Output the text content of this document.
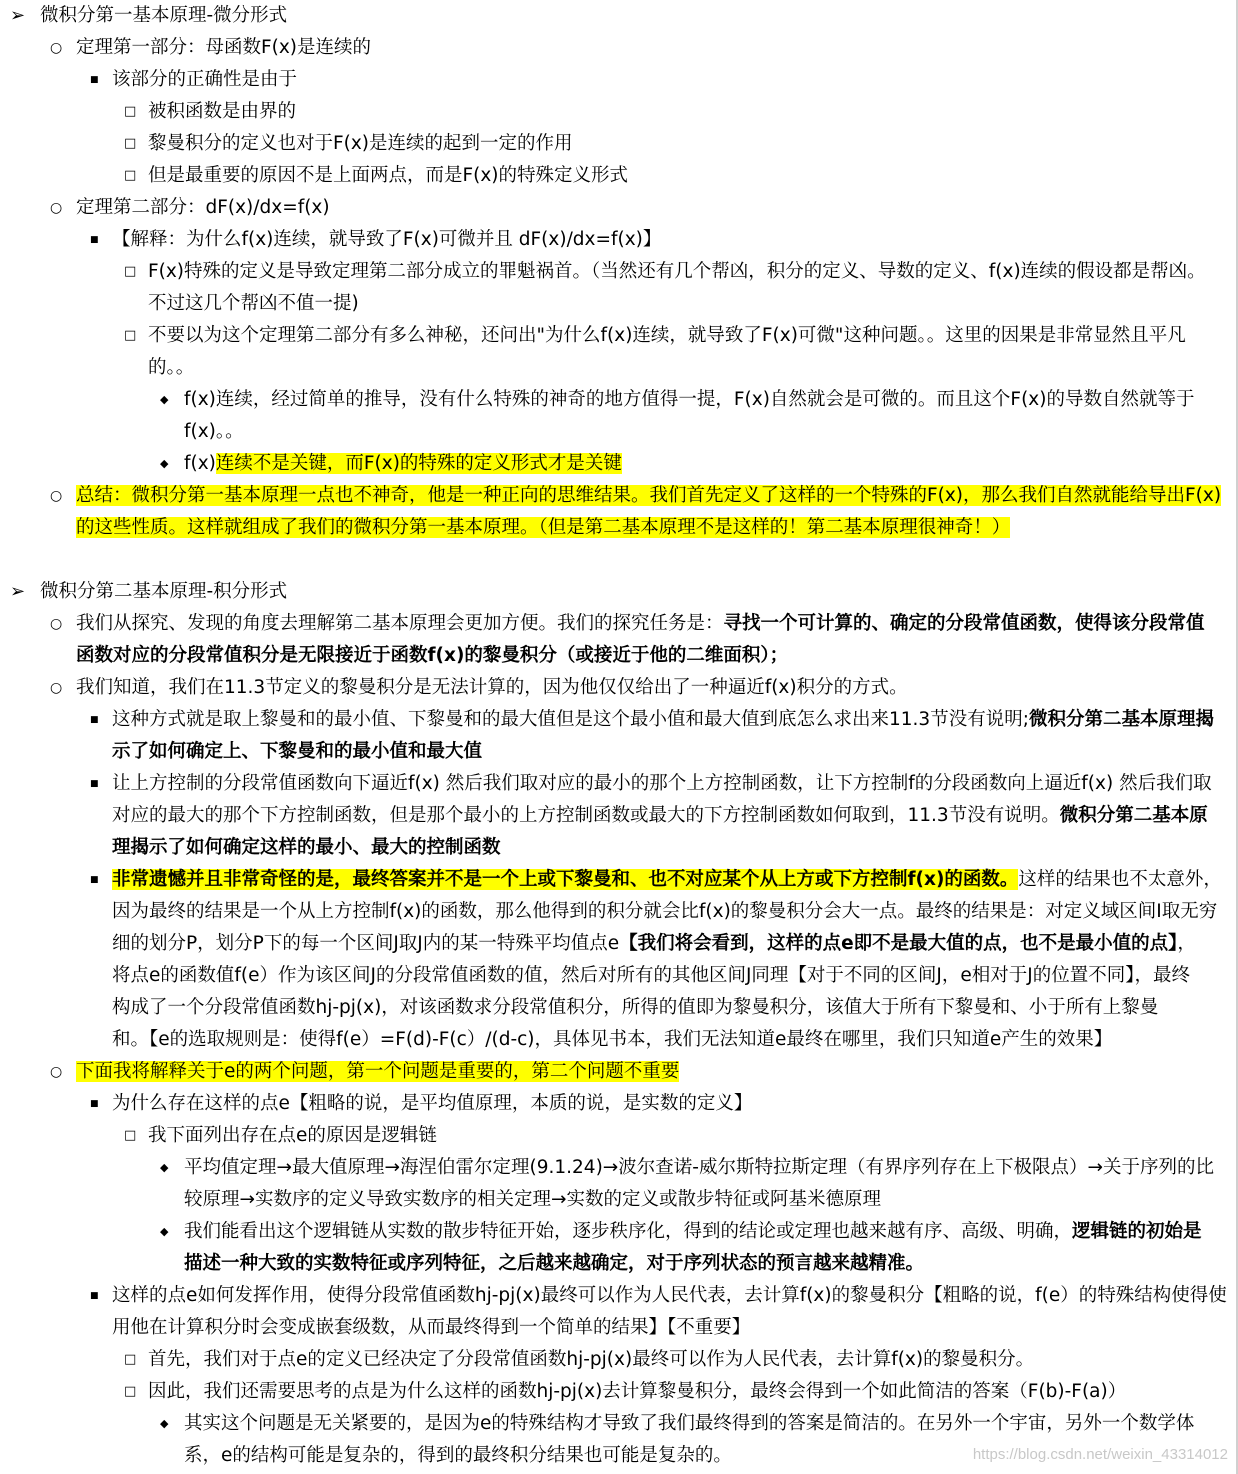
➢ 微积分第一基本原理-微分形式
○ 定理第一部分：母函数F(x)是连续的
■ 该部分的正确性是由于
□ 被积函数是由界的
□ 黎曼积分的定义也对于F(x)是连续的起到一定的作用
□ 但是最重要的原因不是上面两点，而是F(x)的特殊定义形式
○ 定理第二部分：dF(x)/dx=f(x)
■ 【解释：为什么f(x)连续，就导致了F(x)可微并且 dF(x)/dx=f(x)】
□ F(x)特殊的定义是导致定理第二部分成立的罪魁祸首。（当然还有几个帮凶，积分的定义、导数的定义、f(x)连续的假设都是帮凶。
不过这几个帮凶不值一提)
□ 不要以为这个定理第二部分有多么神秘，还问出"为什么f(x)连续，就导致了F(x)可微"这种问题。。这里的因果是非常显然且平凡
的。。
◆ f(x)连续，经过简单的推导，没有什么特殊的神奇的地方值得一提，F(x)自然就会是可微的。而且这个F(x)的导数自然就等于
f(x)。。
◆ f(x)连续不是关键，而F(x)的特殊的定义形式才是关键
○ 总结：微积分第一基本原理一点也不神奇，他是一种正向的思维结果。我们首先定义了这样的一个特殊的F(x)，那么我们自然就能给导出F(x)
的这些性质。这样就组成了我们的微积分第一基本原理。（但是第二基本原理不是这样的！第二基本原理很神奇！）
➢ 微积分第二基本原理-积分形式
○ 我们从探究、发现的角度去理解第二基本原理会更加方便。我们的探究任务是：寻找一个可计算的、确定的分段常值函数，使得该分段常值
函数对应的分段常值积分是无限接近于函数f(x)的黎曼积分（或接近于他的二维面积）；
○ 我们知道，我们在11.3节定义的黎曼积分是无法计算的，因为他仅仅给出了一种逼近f(x)积分的方式。
■ 这种方式就是取上黎曼和的最小值、下黎曼和的最大值但是这个最小值和最大值到底怎么求出来11.3节没有说明;微积分第二基本原理揭
示了如何确定上、下黎曼和的最小值和最大值
■ 让上方控制的分段常值函数向下逼近f(x) 然后我们取对应的最小的那个上方控制函数，让下方控制f的分段函数向上逼近f(x) 然后我们取
对应的最大的那个下方控制函数，但是那个最小的上方控制函数或最大的下方控制函数如何取到，11.3节没有说明。微积分第二基本原
理揭示了如何确定这样的最小、最大的控制函数
■ 非常遗憾并且非常奇怪的是，最终答案并不是一个上或下黎曼和、也不对应某个从上方或下方控制f(x)的函数。这样的结果也不太意外，
因为最终的结果是一个从上方控制f(x)的函数，那么他得到的积分就会比f(x)的黎曼积分会大一点。最终的结果是：对定义域区间I取无穷
细的划分P，划分P下的每一个区间J取J内的某一特殊平均值点e【我们将会看到，这样的点e即不是最大值的点，也不是最小值的点】，
将点e的函数值f(e）作为该区间J的分段常值函数的值，然后对所有的其他区间J同理【对于不同的区间J，e相对于J的位置不同】，最终
构成了一个分段常值函数hj-pj(x)，对该函数求分段常值积分，所得的值即为黎曼积分，该值大于所有下黎曼和、小于所有上黎曼
和。【e的选取规则是：使得f(e）=F(d)-F(c）/(d-c)，具体见书本，我们无法知道e最终在哪里，我们只知道e产生的效果】
○ 下面我将解释关于e的两个问题，第一个问题是重要的，第二个问题不重要
■ 为什么存在这样的点e【粗略的说，是平均值原理，本质的说，是实数的定义】
□ 我下面列出存在点e的原因是逻辑链
◆ 平均值定理→最大值原理→海涅伯雷尔定理(9.1.24)→波尔查诺-威尔斯特拉斯定理（有界序列存在上下极限点）→关于序列的比
较原理→实数序的定义导致实数序的相关定理→实数的定义或散步特征或阿基米德原理
◆ 我们能看出这个逻辑链从实数的散步特征开始，逐步秩序化，得到的结论或定理也越来越有序、高级、明确，逻辑链的初始是
描述一种大致的实数特征或序列特征，之后越来越确定，对于序列状态的预言越来越精准。
■ 这样的点e如何发挥作用，使得分段常值函数hj-pj(x)最终可以作为人民代表，去计算f(x)的黎曼积分【粗略的说，f(e）的特殊结构使得使
用他在计算积分时会变成嵌套级数，从而最终得到一个简单的结果】【不重要】
□ 首先，我们对于点e的定义已经决定了分段常值函数hj-pj(x)最终可以作为人民代表，去计算f(x)的黎曼积分。
□ 因此，我们还需要思考的点是为什么这样的函数hj-pj(x)去计算黎曼积分，最终会得到一个如此简洁的答案（F(b)-F(a)）
◆ 其实这个问题是无关紧要的，是因为e的特殊结构才导致了我们最终得到的答案是简洁的。在另外一个宇宙，另外一个数学体
系，e的结构可能是复杂的，得到的最终积分结果也可能是复杂的。	https://blog.csdn.net/weixin_43314012
